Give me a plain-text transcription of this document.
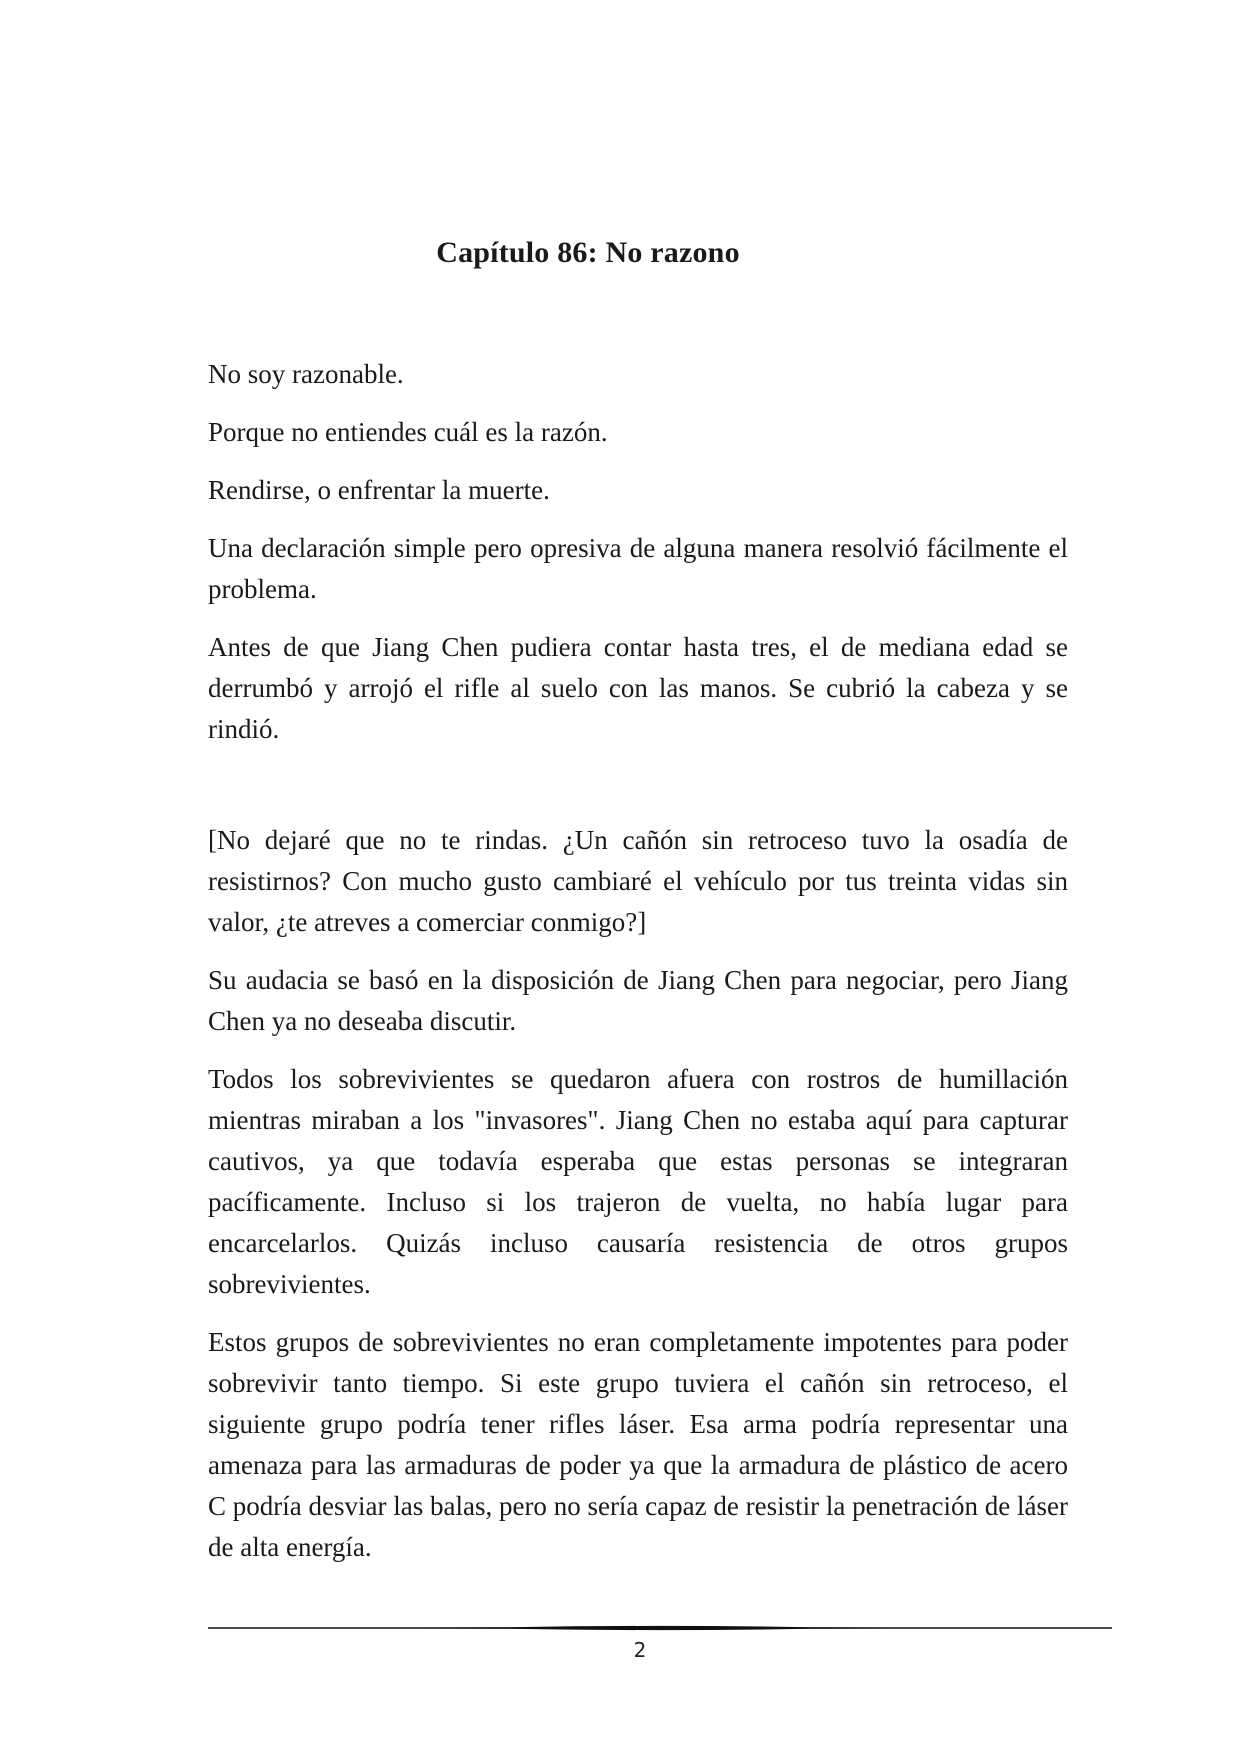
Capítulo 86: No razono

No soy razonable.

Porque no entiendes cuál es la razón.

Rendirse, o enfrentar la muerte.

Una declaración simple pero opresiva de alguna manera resolvió fácilmente el problema.

Antes de que Jiang Chen pudiera contar hasta tres, el de mediana edad se derrumbó y arrojó el rifle al suelo con las manos. Se cubrió la cabeza y se rindió.

[No dejaré que no te rindas. ¿Un cañón sin retroceso tuvo la osadía de resistirnos? Con mucho gusto cambiaré el vehículo por tus treinta vidas sin valor, ¿te atreves a comerciar conmigo?]

Su audacia se basó en la disposición de Jiang Chen para negociar, pero Jiang Chen ya no deseaba discutir.

Todos los sobrevivientes se quedaron afuera con rostros de humillación mientras miraban a los "invasores". Jiang Chen no estaba aquí para capturar cautivos, ya que todavía esperaba que estas personas se integraran pacíficamente. Incluso si los trajeron de vuelta, no había lugar para encarcelarlos. Quizás incluso causaría resistencia de otros grupos sobrevivientes.

Estos grupos de sobrevivientes no eran completamente impotentes para poder sobrevivir tanto tiempo. Si este grupo tuviera el cañón sin retroceso, el siguiente grupo podría tener rifles láser. Esa arma podría representar una amenaza para las armaduras de poder ya que la armadura de plástico de acero C podría desviar las balas, pero no sería capaz de resistir la penetración de láser de alta energía.

2
